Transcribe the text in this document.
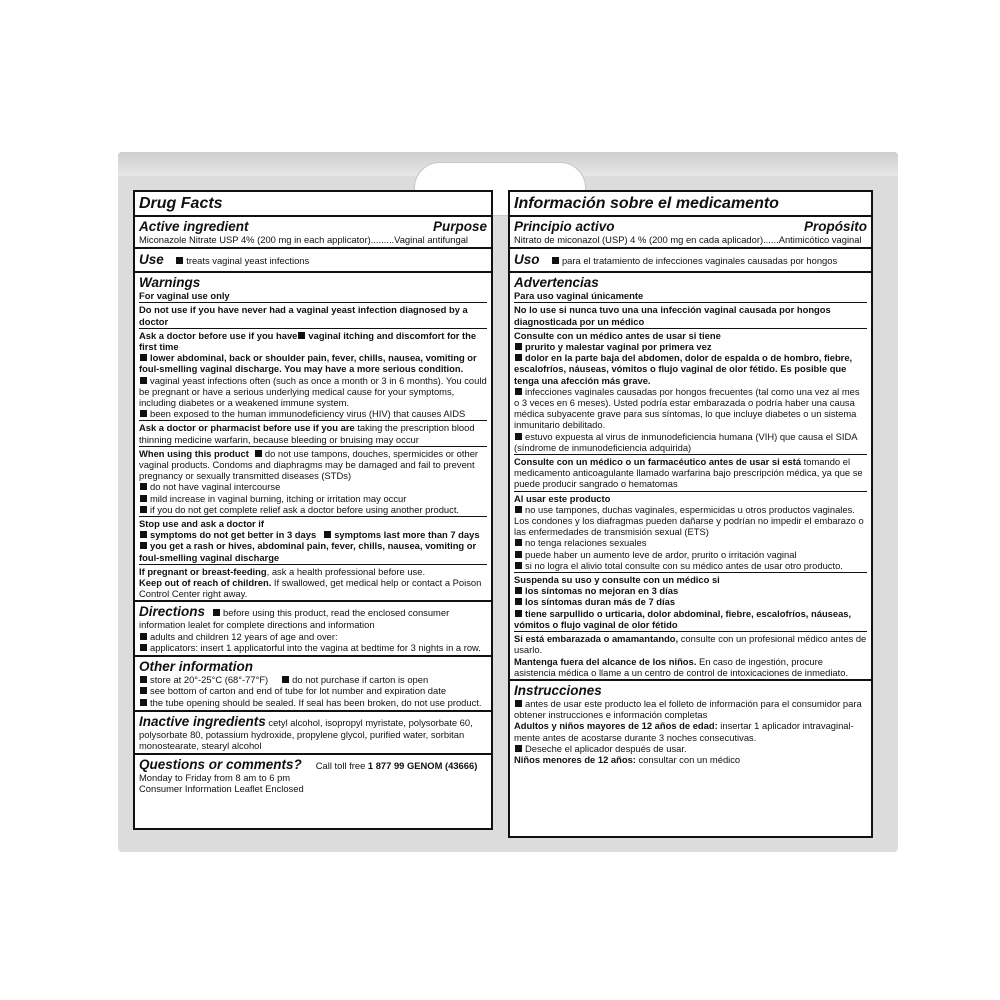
Drug Facts
Active ingredient	Purpose
Miconazole Nitrate USP 4% (200 mg in each applicator).........Vaginal antifungal
Use treats vaginal yeast infections
Warnings
For vaginal use only
Do not use if you have never had a vaginal yeast infection diagnosed by a doctor
Ask a doctor before use if you have vaginal itching and discomfort for the first time
lower abdominal, back or shoulder pain, fever, chills, nausea, vomiting or foul-smelling vaginal discharge. You may have a more serious condition.
vaginal yeast infections often (such as once a month or 3 in 6 months). You could be pregnant or have a serious underlying medical cause for your symptoms, including diabetes or a weakened immune system.
been exposed to the human immunodeficiency virus (HIV) that causes AIDS
Ask a doctor or pharmacist before use if you are taking the prescription blood thinning medicine warfarin, because bleeding or bruising may occur
When using this product do not use tampons, douches, spermicides or other vaginal products. Condoms and diaphragms may be damaged and fail to prevent pregnancy or sexually transmitted diseases (STDs)
do not have vaginal intercourse
mild increase in vaginal burning, itching or irritation may occur
if you do not get complete relief ask a doctor before using another product.
Stop use and ask a doctor if
symptoms do not get better in 3 days symptoms last more than 7 days
you get a rash or hives, abdominal pain, fever, chills, nausea, vomiting or foul-smelling vaginal discharge
If pregnant or breast-feeding, ask a health professional before use.
Keep out of reach of children. If swallowed, get medical help or contact a Poison Control Center right away.
Directions before using this product, read the enclosed consumer information lealet for complete directions and information
adults and children 12 years of age and over:
applicators: insert 1 applicatorful into the vagina at bedtime for 3 nights in a row.
Other information
store at 20°-25°C (68°-77°F)	do not purchase if carton is open
see bottom of carton and end of tube for lot number and expiration date
the tube opening should be sealed. If seal has been broken, do not use product.
Inactive ingredients cetyl alcohol, isopropyl myristate, polysorbate 60, polysorbate 80, potassium hydroxide, propylene glycol, purified water, sorbitan monostearate, stearyl alcohol
Questions or comments? Call toll free 1 877 99 GENOM (43666)
Monday to Friday from 8 am to 6 pm
Consumer Information Leaflet Enclosed
Información sobre el medicamento
Principio activo	Propósito
Nitrato de miconazol (USP) 4 % (200 mg en cada aplicador)......Antimicótico vaginal
Uso para el tratamiento de infecciones vaginales causadas por hongos
Advertencias
Para uso vaginal únicamente
No lo use si nunca tuvo una una infección vaginal causada por hongos diagnosticada por un médico
Consulte con un médico antes de usar si tiene
prurito y malestar vaginal por primera vez
dolor en la parte baja del abdomen, dolor de espalda o de hombro, fiebre, escalofríos, náuseas, vómitos o flujo vaginal de olor fétido. Es posible que tenga una afección más grave.
infecciones vaginales causadas por hongos frecuentes (tal como una vez al mes o 3 veces en 6 meses). Usted podría estar embarazada o podría haber una causa médica subyacente grave para sus síntomas, lo que incluye diabetes o un sistema inmunitario debilitado.
estuvo expuesta al virus de inmunodeficiencia humana (VIH) que causa el SIDA (síndrome de inmunodeficiencia adquirida)
Consulte con un médico o un farmacéutico antes de usar si está tomando el medicamento anticoagulante llamado warfarina bajo prescripción médica, ya que se puede producir sangrado o hematomas
Al usar este producto
no use tampones, duchas vaginales, espermicidas u otros productos vaginales. Los condones y los diafragmas pueden dañarse y podrían no impedir el embarazo o las enfermedades de transmisión sexual (ETS)
no tenga relaciones sexuales
puede haber un aumento leve de ardor, prurito o irritación vaginal
si no logra el alivio total consulte con su médico antes de usar otro producto.
Suspenda su uso y consulte con un médico si
los síntomas no mejoran en 3 días
los síntomas duran más de 7 días
tiene sarpullido o urticaria, dolor abdominal, fiebre, escalofríos, náuseas, vómitos o flujo vaginal de olor fétido
Si está embarazada o amamantando, consulte con un profesional médico antes de usarlo.
Mantenga fuera del alcance de los niños. En caso de ingestión, procure asistencia médica o llame a un centro de control de intoxicaciones de inmediato.
Instrucciones
antes de usar este producto lea el folleto de información para el consumidor para obtener instrucciones e información completas
Adultos y niños mayores de 12 años de edad: insertar 1 aplicador intravaginal-mente antes de acostarse durante 3 noches consecutivas.
Deseche el aplicador después de usar.
Niños menores de 12 años: consultar con un médico
